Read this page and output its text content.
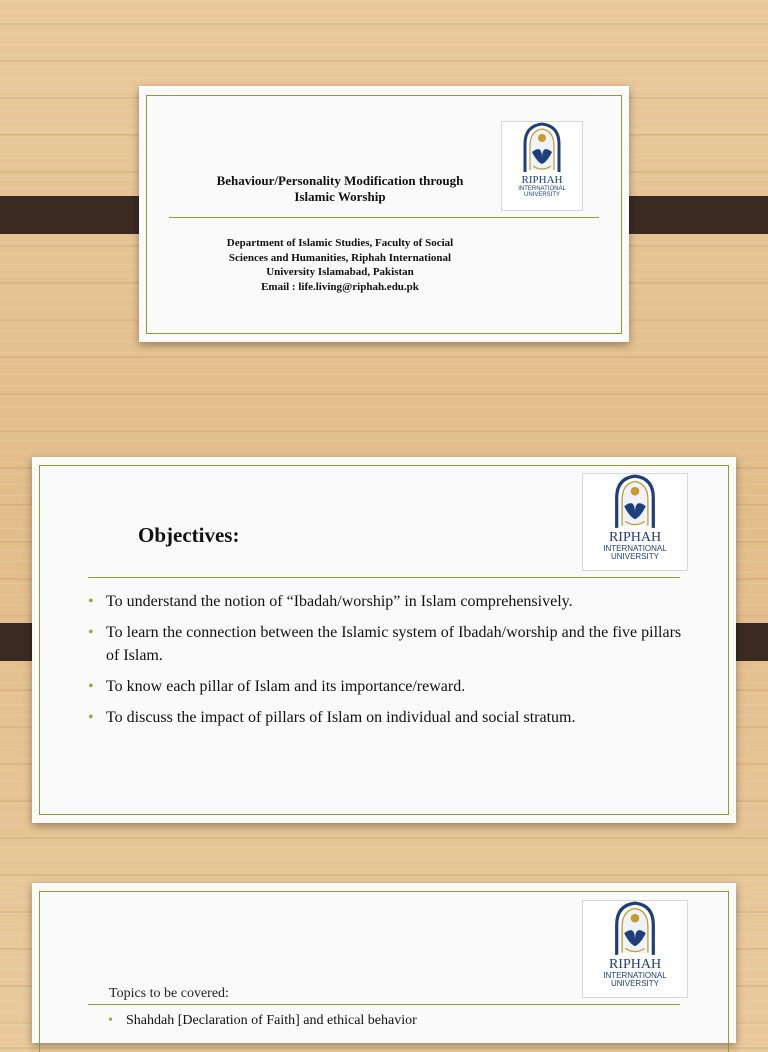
RIPHAH
INTERNATIONAL
UNIVERSITY
Behaviour/Personality Modification through
Islamic Worship
Department of Islamic Studies, Faculty of Social
Sciences and Humanities, Riphah International
University Islamabad, Pakistan
Email : life.living@riphah.edu.pk
RIPHAH
INTERNATIONAL
UNIVERSITY
Objectives:
• To understand the notion of “Ibadah/worship” in Islam comprehensively.
• To learn the connection between the Islamic system of Ibadah/worship and the five pillars of Islam.
• To know each pillar of Islam and its importance/reward.
• To discuss the impact of pillars of Islam on individual and social stratum.
RIPHAH
INTERNATIONAL
UNIVERSITY
Topics to be covered:
• Shahdah [Declaration of Faith] and ethical behavior
